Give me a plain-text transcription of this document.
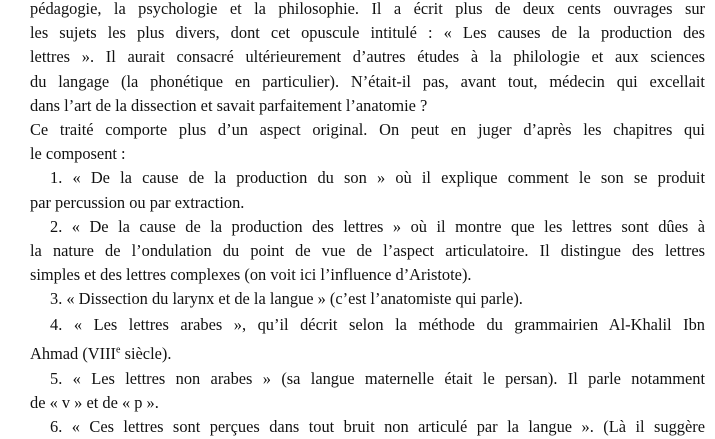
pédagogie, la psychologie et la philosophie. Il a écrit plus de deux cents ouvrages sur
les sujets les plus divers, dont cet opuscule intitulé : « Les causes de la production des
lettres ». Il aurait consacré ultérieurement d’autres études à la philologie et aux sciences
du langage (la phonétique en particulier). N’était-il pas, avant tout, médecin qui excellait
dans l’art de la dissection et savait parfaitement l’anatomie ?
Ce traité comporte plus d’un aspect original. On peut en juger d’après les chapitres qui
le composent :
1. « De la cause de la production du son » où il explique comment le son se produit
par percussion ou par extraction.
2. « De la cause de la production des lettres » où il montre que les lettres sont dûes à
la nature de l’ondulation du point de vue de l’aspect articulatoire. Il distingue des lettres
simples et des lettres complexes (on voit ici l’influence d’Aristote).
3. « Dissection du larynx et de la langue » (c’est l’anatomiste qui parle).
4. « Les lettres arabes », qu’il décrit selon la méthode du grammairien Al-Khalil Ibn
Ahmad (VIIIe siècle).
5. « Les lettres non arabes » (sa langue maternelle était le persan). Il parle notamment
de « v » et de « p ».
6. « Ces lettres sont perçues dans tout bruit non articulé par la langue ». (Là il suggère
